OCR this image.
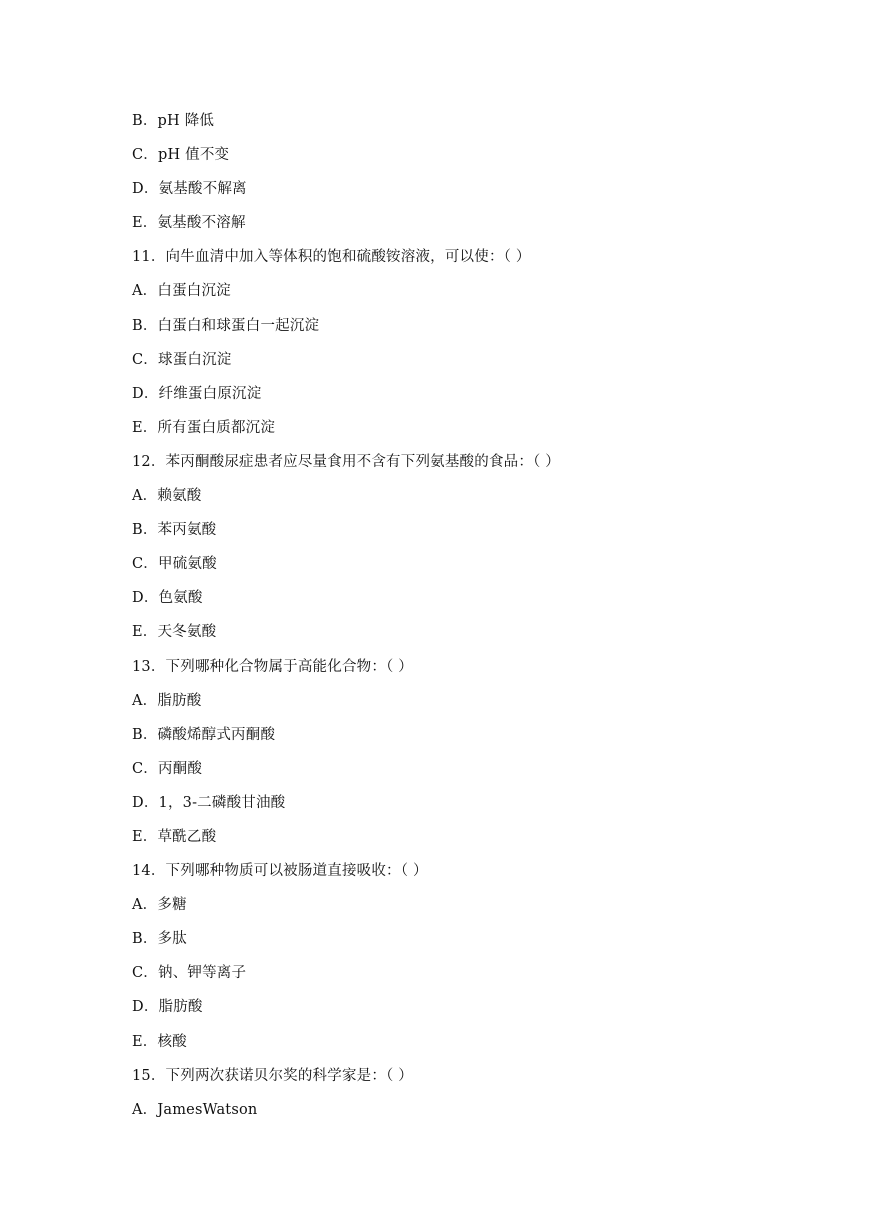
B．pH 降低
C．pH 值不变
D．氨基酸不解离
E．氨基酸不溶解
11．向牛血清中加入等体积的饱和硫酸铵溶液，可以使：（ ）
A．白蛋白沉淀
B．白蛋白和球蛋白一起沉淀
C．球蛋白沉淀
D．纤维蛋白原沉淀
E．所有蛋白质都沉淀
12．苯丙酮酸尿症患者应尽量食用不含有下列氨基酸的食品：（ ）
A．赖氨酸
B．苯丙氨酸
C．甲硫氨酸
D．色氨酸
E．天冬氨酸
13．下列哪种化合物属于高能化合物：（ ）
A．脂肪酸
B．磷酸烯醇式丙酮酸
C．丙酮酸
D．1，3-二磷酸甘油酸
E．草酰乙酸
14．下列哪种物质可以被肠道直接吸收：（ ）
A．多糖
B．多肽
C．钠、钾等离子
D．脂肪酸
E．核酸
15．下列两次获诺贝尔奖的科学家是：（ ）
A．JamesWatson
